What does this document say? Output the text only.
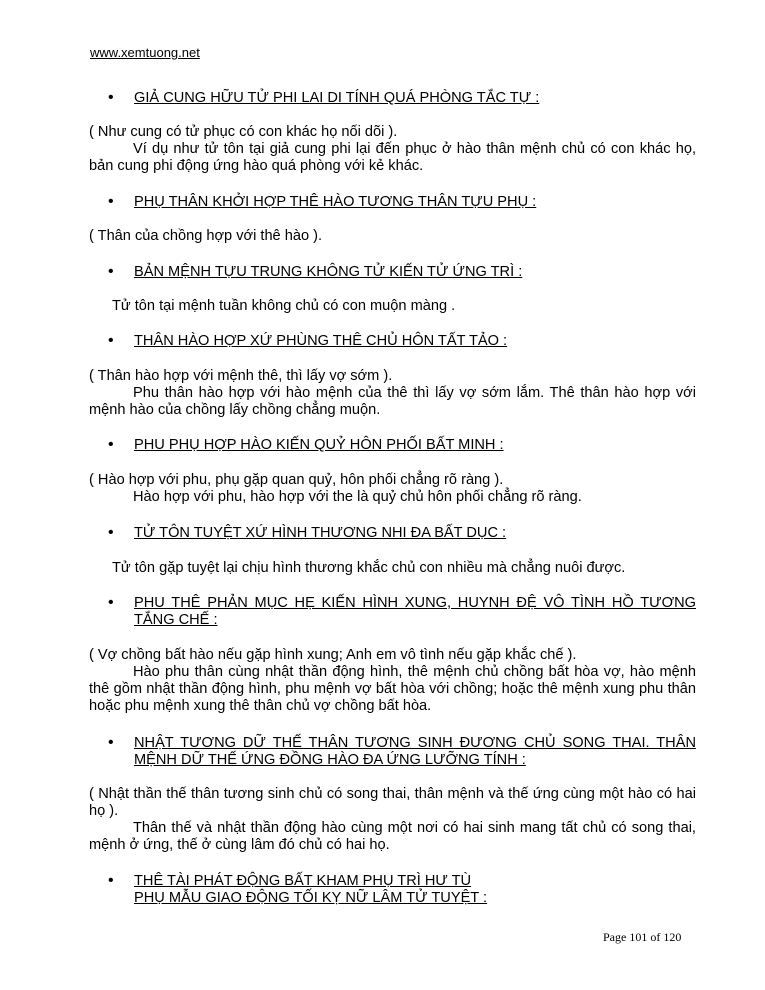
www.xemtuong.net
• GIẢ CUNG HỮU TỬ PHI LAI DI TÍNH QUÁ PHÒNG TẮC TỰ :
( Như cung có tử phục có con khác họ nối dõi ).
Ví dụ như tử tôn tại giả cung phi lại đến phục ở hào thân mệnh chủ có con khác họ, bản cung phi động ứng hào quá phòng với kẻ khác.
• PHỤ THÂN KHỞI HỢP THÊ HÀO TƯƠNG THÂN TỰU PHỤ :
( Thân của chồng hợp với thê hào ).
• BẢN MỆNH TỰU TRUNG KHÔNG TỬ KIẾN TỬ ỨNG TRÌ :
Tử tôn tại mệnh tuần không chủ có con muộn màng .
• THÂN HÀO HỢP XỨ PHÙNG THÊ CHỦ HÔN TẤT TẢO :
( Thân hào hợp với mệnh thê, thì lấy vợ sớm ).
Phu thân hào hợp với hào mệnh của thê thì lấy vợ sớm lắm. Thê thân hào hợp với mệnh hào của chồng lấy chồng chẳng muộn.
• PHU PHỤ HỢP HÀO KIẾN QUỶ HÔN PHỐI BẤT MINH :
( Hào hợp với phu, phụ gặp quan quỷ, hôn phối chẳng rõ ràng ).
Hào hợp với phu, hào hợp với the là quỷ chủ hôn phối chẳng rõ ràng.
• TỬ TÔN TUYỆT XỨ HÌNH THƯƠNG NHI ĐA BẤT DỤC :
Tử tôn gặp tuyệt lại chịu hình thương khắc chủ con nhiều mà chẳng nuôi được.
• PHU THÊ PHẢN MỤC HẸ KIẾN HÌNH XUNG, HUYNH ĐỆ VÔ TÌNH HỒ TƯƠNG TẮNG CHẾ :
( Vợ chồng bất hào nếu gặp hình xung; Anh em vô tình nếu gặp khắc chế ).
Hào phu thân cùng nhật thần động hình, thê mệnh chủ chồng bất hòa vợ, hào mệnh thê gồm nhật thần động hình, phu mệnh vợ bất hòa với chồng; hoặc thê mệnh xung phu thân hoặc phu mệnh xung thê thân chủ vợ chồng bất hòa.
• NHẬT TƯƠNG DỮ THẾ THÂN TƯƠNG SINH ĐƯƠNG CHỦ SONG THAI. THÂN MỆNH DỮ THẾ ỨNG ĐỒNG HÀO ĐA ỨNG LƯỠNG TÍNH :
( Nhật thần thế thân tương sinh chủ có song thai, thân mệnh và thế ứng cùng một hào có hai họ ).
Thân thế và nhật thần động hào cùng một nơi có hai sinh mang tất chủ có song thai, mệnh ở ứng, thế ở cùng lâm đó chủ có hai họ.
• THÊ TÀI PHÁT ĐỘNG BẤT KHAM PHỤ TRÌ HƯ TÙ
PHỤ MẪU GIAO ĐỘNG TỐI KỴ NỮ LÂM TỬ TUYỆT :
Page 101 of 120
